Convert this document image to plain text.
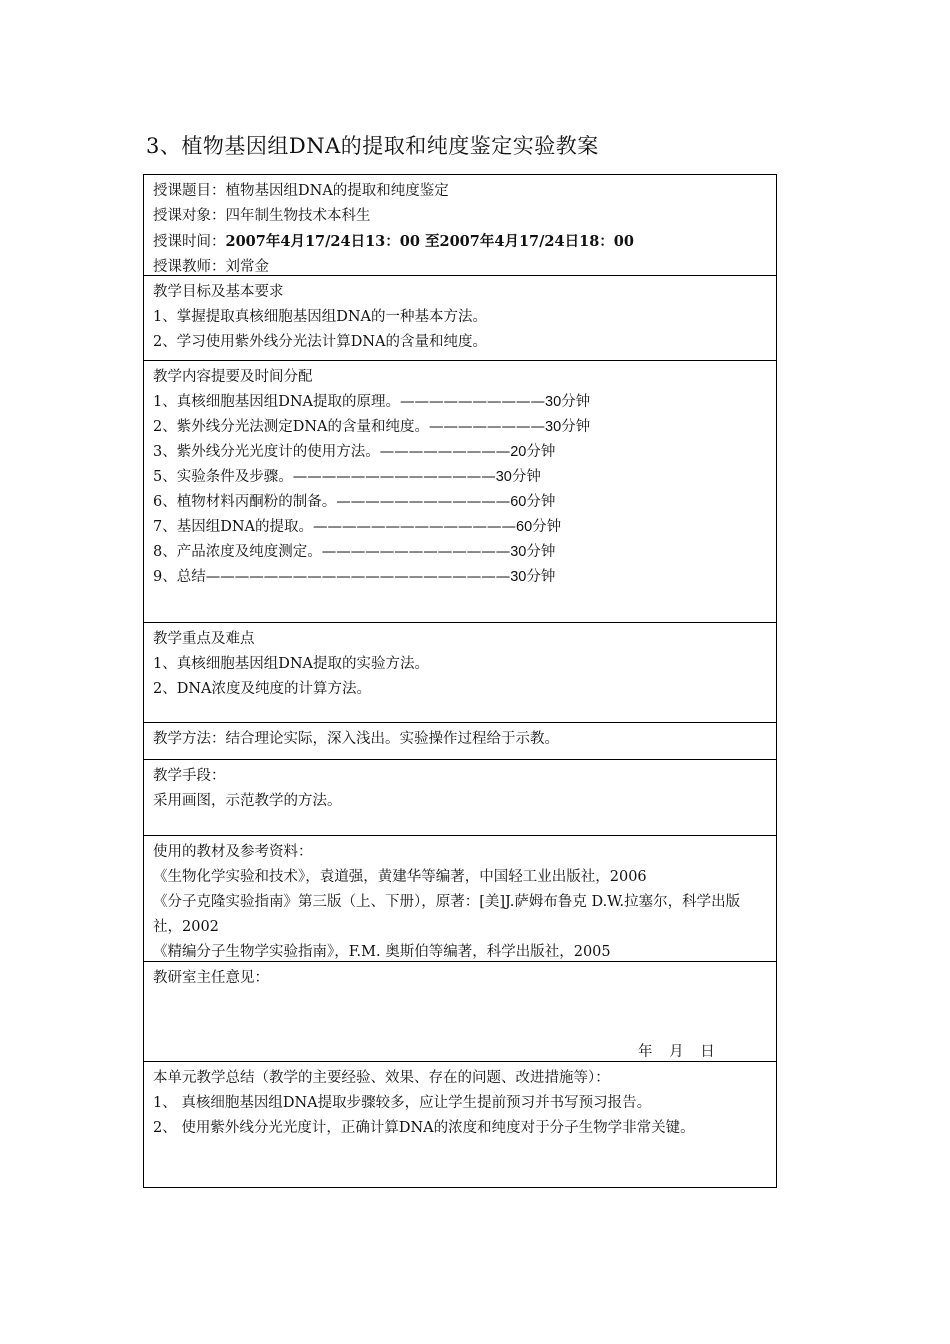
3、植物基因组DNA的提取和纯度鉴定实验教案
授课题目：植物基因组DNA的提取和纯度鉴定
授课对象：四年制生物技术本科生
授课时间：2007年4月17/24日13：00 至2007年4月17/24日18：00
授课教师：刘常金
教学目标及基本要求
1、掌握提取真核细胞基因组DNA的一种基本方法。
2、学习使用紫外线分光法计算DNA的含量和纯度。
教学内容提要及时间分配
1、真核细胞基因组DNA提取的原理。 —————————— 30分钟
2、紫外线分光法测定DNA的含量和纯度。 ———————— 30分钟
3、紫外线分光光度计的使用方法。 ————————— 20分钟
5、实验条件及步骤。 —————————————— 30分钟
6、植物材料丙酮粉的制备。 ———————————— 60分钟
7、基因组DNA的提取。 —————————————— 60分钟
8、产品浓度及纯度测定。 ————————————— 30分钟
9、总结 ————————————————————— 30分钟
教学重点及难点
1、真核细胞基因组DNA提取的实验方法。
2、DNA浓度及纯度的计算方法。
教学方法：结合理论实际，深入浅出。实验操作过程给于示教。
教学手段：
采用画图，示范教学的方法。
使用的教材及参考资料：
《生物化学实验和技术》，袁道强，黄建华等编著，中国轻工业出版社，2006
《分子克隆实验指南》第三版（上、下册），原著：[美]J.萨姆布鲁克 D.W.拉塞尔，科学出版社，2002
《精编分子生物学实验指南》，F.M. 奥斯伯等编著，科学出版社，2005
教研室主任意见：
年 月 日
本单元教学总结（教学的主要经验、效果、存在的问题、改进措施等）：
1、 真核细胞基因组DNA提取步骤较多，应让学生提前预习并书写预习报告。
2、 使用紫外线分光光度计，正确计算DNA的浓度和纯度对于分子生物学非常关键。
